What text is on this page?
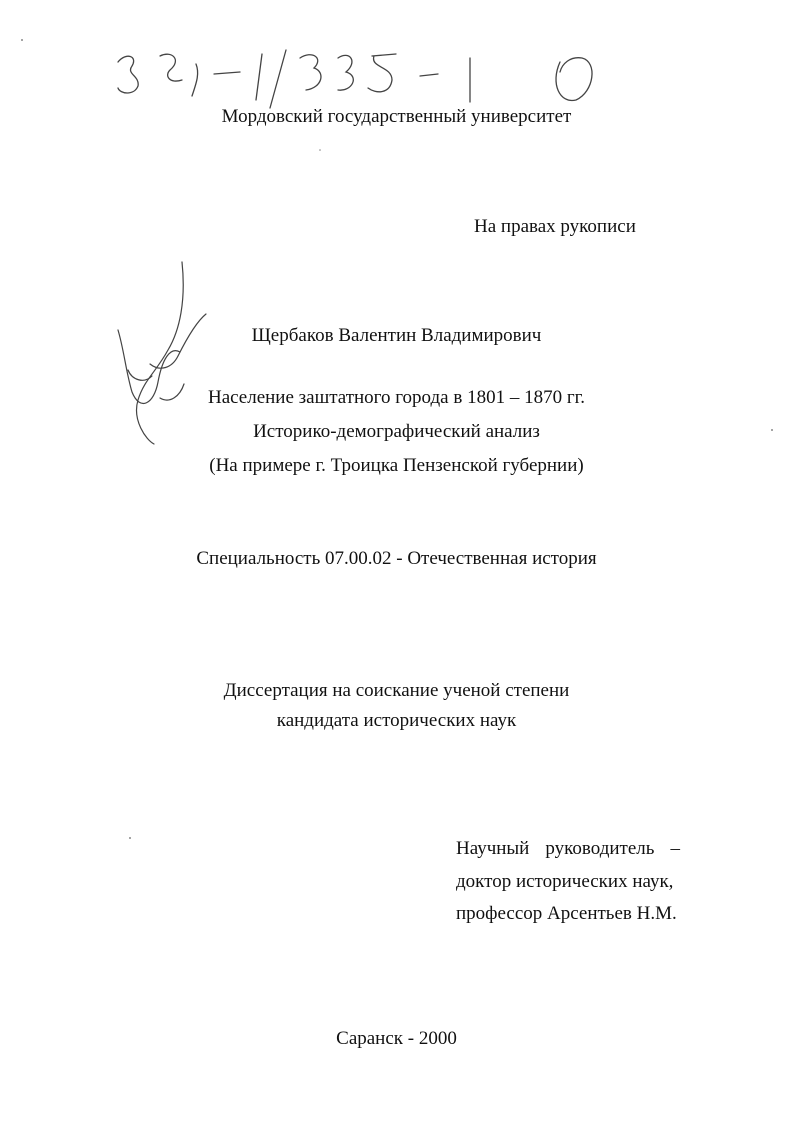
Мордовский государственный университет
На правах рукописи
Щербаков Валентин Владимирович
Население заштатного города в 1801 – 1870 гг.
Историко-демографический анализ
(На примере г. Троицка Пензенской губернии)
Специальность 07.00.02 - Отечественная история
Диссертация на соискание ученой степени
кандидата исторических наук
Научный руководитель –
доктор исторических наук,
профессор Арсентьев Н.М.
Саранск - 2000
